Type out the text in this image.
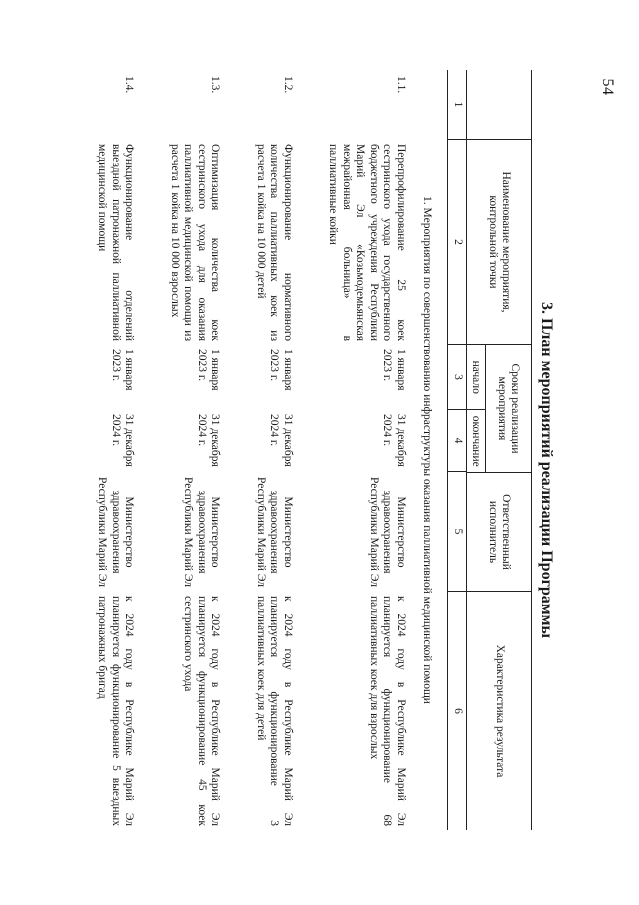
54
3. План мероприятий реализации Программы
Наименование мероприятия, контрольной точки
Сроки реализации мероприятия
начало
окончание
Ответственный исполнитель
Характеристика результата
1
2
3
4
5
6
1. Мероприятия по совершенствованию инфраструктуры оказания паллиативной медицинской помощи
1.1.
Перепрофилирование 25 коек сестринского ухода государственного бюджетного учреждения Республики Марий Эл «Козьмодемьянская межрайонная больница» в паллиативные койки
1 января 2023 г.
31 декабря 2024 г.
Министерство здравоохранения Республики Марий Эл
к 2024 году в Республике Марий Эл планируется функционирование 68 паллиативных коек для взрослых
1.2.
Функционирование нормативного количества паллиативных коек из расчета 1 койка на 10 000 детей
1 января 2023 г.
31 декабря 2024 г.
Министерство здравоохранения Республики Марий Эл
к 2024 году в Республике Марий Эл планируется функционирование 3 паллиативных коек для детей
1.3.
Оптимизация количества коек сестринского ухода для оказания паллиативной медицинской помощи из расчета 1 койка на 10 000 взрослых
1 января 2023 г.
31 декабря 2024 г.
Министерство здравоохранения Республики Марий Эл
к 2024 году в Республике Марий Эл планируется функционирование 45 коек сестринского ухода
1.4.
Функционирование отделений выездной патронажной паллиативной медицинской помощи
1 января 2023 г.
31 декабря 2024 г.
Министерство здравоохранения Республики Марий Эл
к 2024 году в Республике Марий Эл планируется функционирование 5 выездных патронажных бригад
